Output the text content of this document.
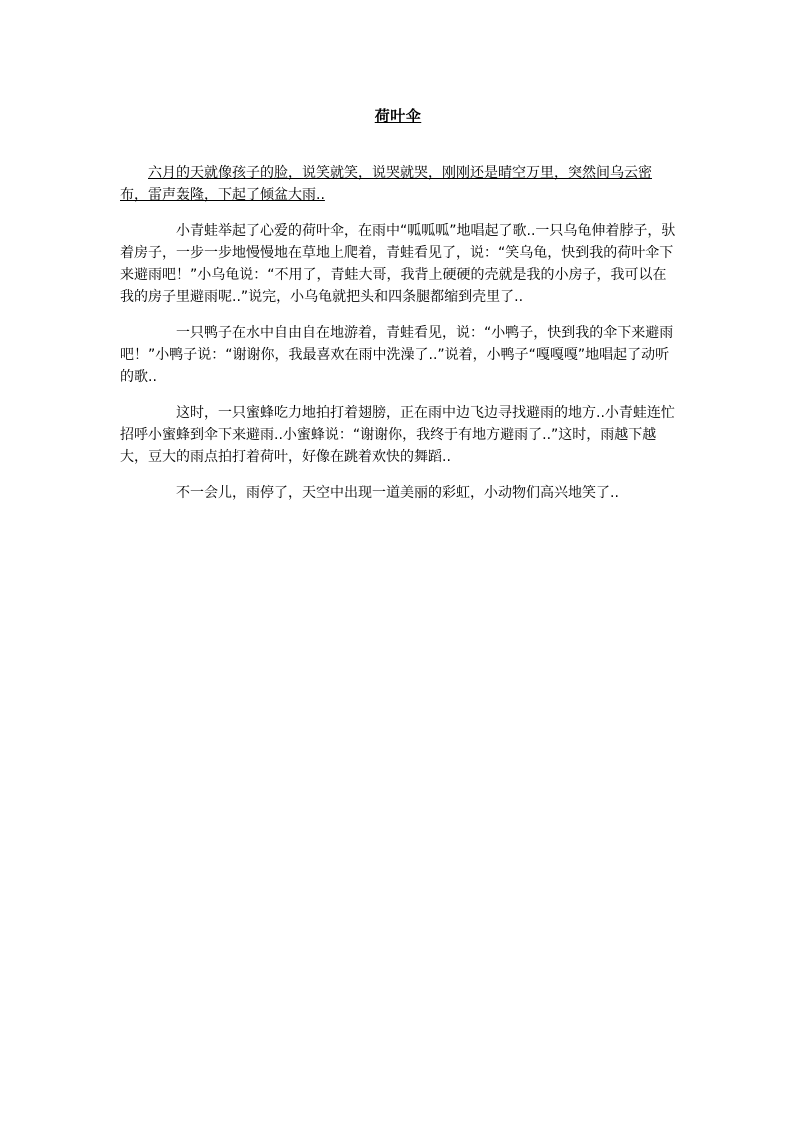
荷叶伞

六月的天就像孩子的脸，说笑就笑，说哭就哭，刚刚还是晴空万里，突然间乌云密布，雷声轰隆，下起了倾盆大雨..

小青蛙举起了心爱的荷叶伞，在雨中“呱呱呱”地唱起了歌..一只乌龟伸着脖子，驮着房子，一步一步地慢慢地在草地上爬着，青蛙看见了，说：“笑乌龟，快到我的荷叶伞下来避雨吧！”小乌龟说：“不用了，青蛙大哥，我背上硬硬的壳就是我的小房子，我可以在我的房子里避雨呢..”说完，小乌龟就把头和四条腿都缩到壳里了..

一只鸭子在水中自由自在地游着，青蛙看见，说：“小鸭子，快到我的伞下来避雨吧！”小鸭子说：“谢谢你，我最喜欢在雨中洗澡了..”说着，小鸭子“嘎嘎嘎”地唱起了动听的歌..

这时，一只蜜蜂吃力地拍打着翅膀，正在雨中边飞边寻找避雨的地方..小青蛙连忙招呼小蜜蜂到伞下来避雨..小蜜蜂说：“谢谢你，我终于有地方避雨了..”这时，雨越下越大，豆大的雨点拍打着荷叶，好像在跳着欢快的舞蹈..

不一会儿，雨停了，天空中出现一道美丽的彩虹，小动物们高兴地笑了..
